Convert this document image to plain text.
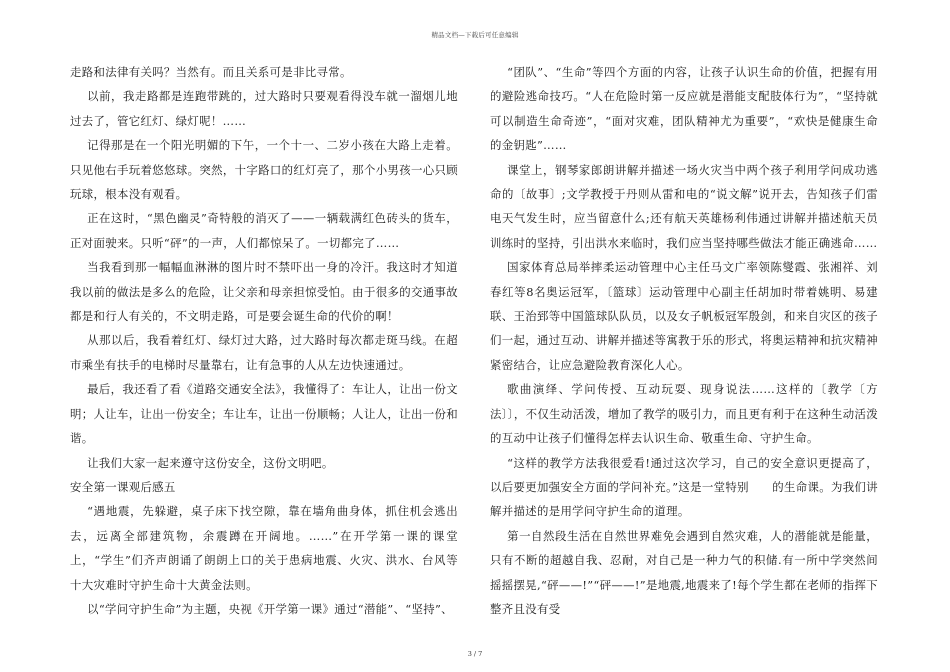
精品文档—下载后可任意编辑

走路和法律有关吗？当然有。而且关系可是非比寻常。

以前，我走路都是连跑带跳的，过大路时只要观看得没车就一溜烟儿地过去了，管它红灯、绿灯呢！……

记得那是在一个阳光明媚的下午，一个十一、二岁小孩在大路上走着。只见他右手玩着悠悠球。突然，十字路口的红灯亮了，那个小男孩一心只顾玩球，根本没有观看。

正在这时，“黑色幽灵”奇特般的消灭了——一辆载满红色砖头的货车，正对面驶来。只听“砰”的一声，人们都惊呆了。一切都完了……

当我看到那一幅幅血淋淋的图片时不禁吓出一身的冷汗。我这时才知道我以前的做法是多么的危险，让父亲和母亲担惊受怕。由于很多的交通事故都是和行人有关的，不文明走路，可是要会诞生命的代价的啊！

从那以后，我看着红灯、绿灯过大路，过大路时每次都走斑马线。在超市乘坐有扶手的电梯时尽量靠右，让有急事的人从左边快速通过。

最后，我还看了看《道路交通安全法》，我懂得了：车让人，让出一份文明；人让车，让出一份安全；车让车，让出一份顺畅；人让人，让出一份和谐。

让我们大家一起来遵守这份安全，这份文明吧。

安全第一课观后感五

“遇地震，先躲避，桌子床下找空隙，靠在墙角曲身体，抓住机会逃出去，远离全部建筑物，余震蹲在开阔地。……”在开学第一课的课堂上，“学生”们齐声朗诵了朗朗上口的关于患病地震、火灾、洪水、台风等十大灾难时守护生命十大黄金法则。

以“学问守护生命”为主题，央视《开学第一课》通过“潜能”、“坚持”、

“团队”、“生命”等四个方面的内容，让孩子认识生命的价值，把握有用的避险逃命技巧。“人在危险时第一反应就是潜能支配肢体行为”，“坚持就可以制造生命奇迹”，“面对灾难，团队精神尤为重要”，“欢快是健康生命的金钥匙”……

课堂上，钢琴家郎朗讲解并描述一场火灾当中两个孩子利用学问成功逃命的〔故事〕;文学教授于丹则从雷和电的“说文解”说开去，告知孩子们雷电天气发生时，应当留意什么;还有航天英雄杨利伟通过讲解并描述航天员训练时的坚持，引出洪水来临时，我们应当坚持哪些做法才能正确逃命……

国家体育总局举摔柔运动管理中心主任马文广率领陈燮霞、张湘祥、刘春红等8名奥运冠军，〔篮球〕运动管理中心副主任胡加时带着姚明、易建联、王治郅等中国篮球队队员，以及女子帆板冠军殷剑，和来自灾区的孩子们一起，通过互动、讲解并描述等寓教于乐的形式，将奥运精神和抗灾精神紧密结合，让应急避险教育深化人心。

歌曲演绎、学问传授、互动玩耍、现身说法……这样的〔教学〔方法〕〕，不仅生动活泼，增加了教学的吸引力，而且更有利于在这种生动活泼的互动中让孩子们懂得怎样去认识生命、敬重生命、守护生命。

“这样的教学方法我很爱看!通过这次学习，自己的安全意识更提高了，以后要更加强安全方面的学问补充。”这是一堂特别　　的生命课。为我们讲解并描述的是用学问守护生命的道理。

第一自然段生活在自然世界难免会遇到自然灾难，人的潜能就是能量，只有不断的超越自我、忍耐，对自己是一种力气的积储.有一所中学突然间摇摇摆晃,“砰——!”“砰——!”是地震,地震来了!每个学生都在老师的指挥下整齐且没有受

3 / 7
